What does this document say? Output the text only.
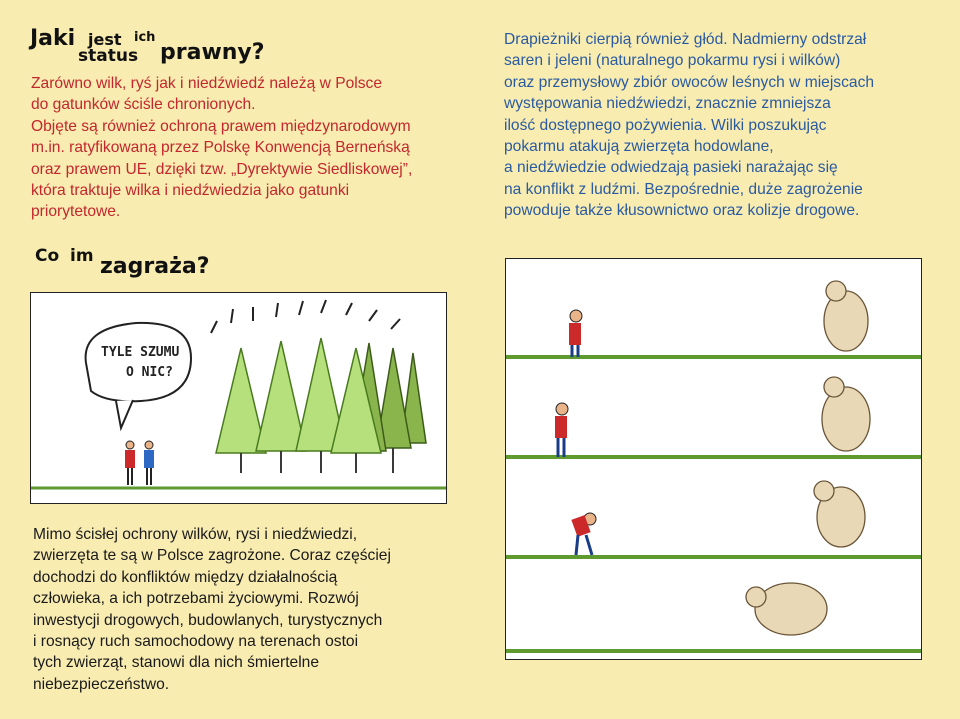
Jaki jest ich
status prawny?
Zarówno wilk, ryś jak i niedźwiedź należą w Polsce
do gatunków ściśle chronionych.
Objęte są również ochroną prawem międzynarodowym
m.in. ratyfikowaną przez Polskę Konwencją Berneńską
oraz prawem UE, dzięki tzw. „Dyrektywie Siedliskowej”,
która traktuje wilka i niedźwiedzia jako gatunki
priorytetowe.
Drapieżniki cierpią również głód. Nadmierny odstrzał
saren i jeleni (naturalnego pokarmu rysi i wilków)
oraz przemysłowy zbiór owoców leśnych w miejscach
występowania niedźwiedzi, znacznie zmniejsza
ilość dostępnego pożywienia. Wilki poszukując
pokarmu atakują zwierzęta hodowlane,
a niedźwiedzie odwiedzają pasieki narażając się
na konflikt z ludźmi. Bezpośrednie, duże zagrożenie
powoduje także kłusownictwo oraz kolizje drogowe.
Co im zagraża?
TYLE SZUMU
O NIC?
Mimo ścisłej ochrony wilków, rysi i niedźwiedzi,
zwierzęta te są w Polsce zagrożone. Coraz częściej
dochodzi do konfliktów między działalnością
człowieka, a ich potrzebami życiowymi. Rozwój
inwestycji drogowych, budowlanych, turystycznych
i rosnący ruch samochodowy na terenach ostoi
tych zwierząt, stanowi dla nich śmiertelne
niebezpieczeństwo.
